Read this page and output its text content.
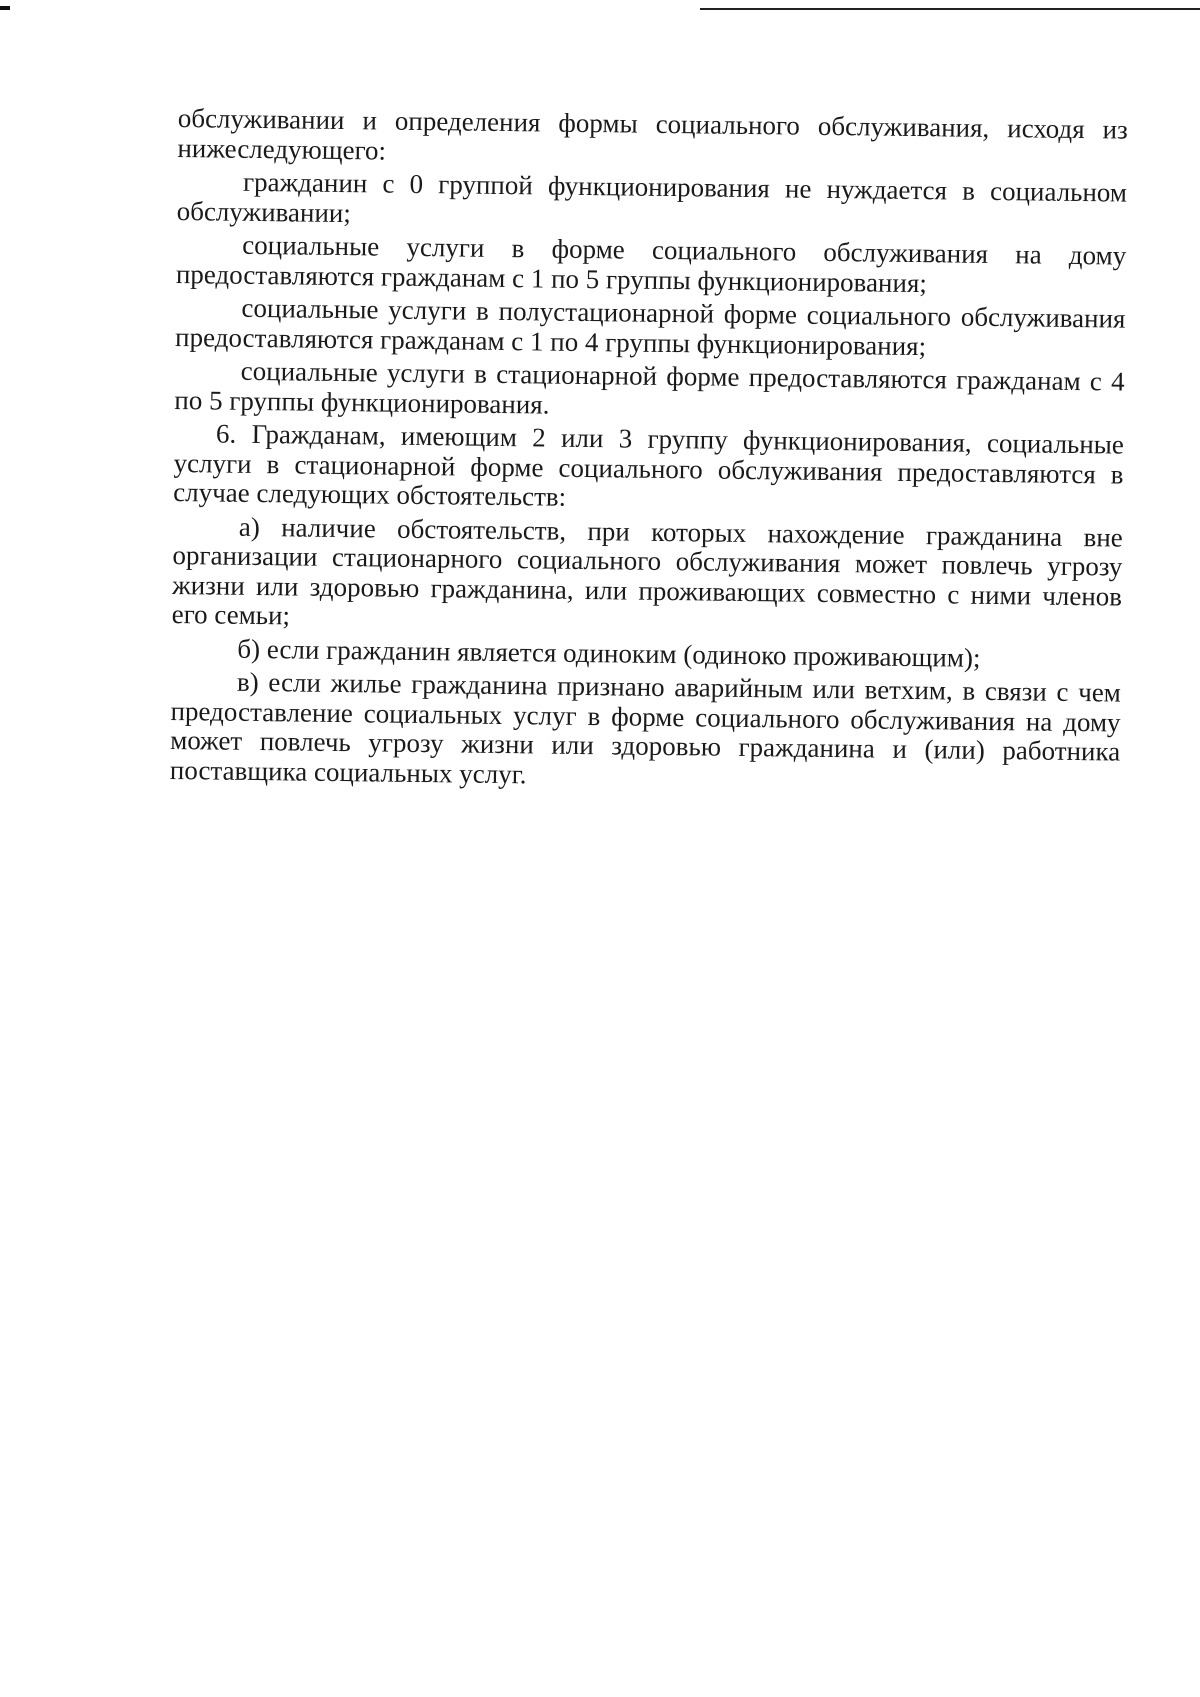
обслуживании и определения формы социального обслуживания, исходя из нижеследующего:

гражданин с 0 группой функционирования не нуждается в социальном обслуживании;

социальные услуги в форме социального обслуживания на дому предоставляются гражданам с 1 по 5 группы функционирования;

социальные услуги в полустационарной форме социального обслуживания предоставляются гражданам с 1 по 4 группы функционирования;

социальные услуги в стационарной форме предоставляются гражданам с 4 по 5 группы функционирования.

6. Гражданам, имеющим 2 или 3 группу функционирования, социальные услуги в стационарной форме социального обслуживания предоставляются в случае следующих обстоятельств:

а) наличие обстоятельств, при которых нахождение гражданина вне организации стационарного социального обслуживания может повлечь угрозу жизни или здоровью гражданина, или проживающих совместно с ними членов его семьи;

б) если гражданин является одиноким (одиноко проживающим);

в) если жилье гражданина признано аварийным или ветхим, в связи с чем предоставление социальных услуг в форме социального обслуживания на дому может повлечь угрозу жизни или здоровью гражданина и (или) работника поставщика социальных услуг.
